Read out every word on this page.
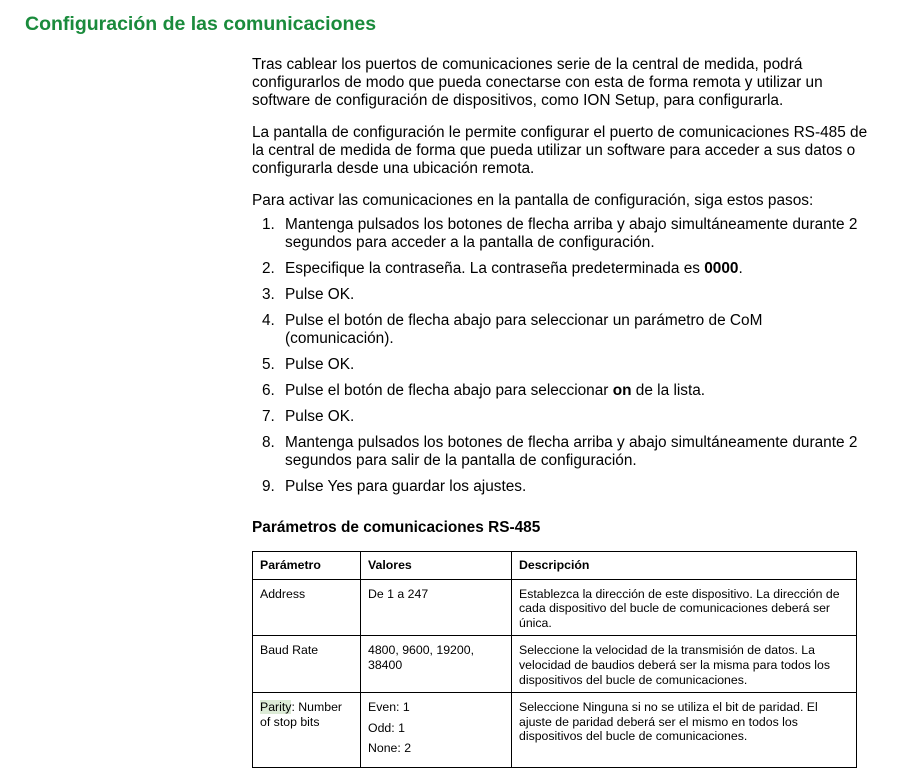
Configuración de las comunicaciones

Tras cablear los puertos de comunicaciones serie de la central de medida, podrá configurarlos de modo que pueda conectarse con esta de forma remota y utilizar un software de configuración de dispositivos, como ION Setup, para configurarla.

La pantalla de configuración le permite configurar el puerto de comunicaciones RS-485 de la central de medida de forma que pueda utilizar un software para acceder a sus datos o configurarla desde una ubicación remota.

Para activar las comunicaciones en la pantalla de configuración, siga estos pasos:

1. Mantenga pulsados los botones de flecha arriba y abajo simultáneamente durante 2 segundos para acceder a la pantalla de configuración.
2. Especifique la contraseña. La contraseña predeterminada es 0000.
3. Pulse OK.
4. Pulse el botón de flecha abajo para seleccionar un parámetro de CoM (comunicación).
5. Pulse OK.
6. Pulse el botón de flecha abajo para seleccionar on de la lista.
7. Pulse OK.
8. Mantenga pulsados los botones de flecha arriba y abajo simultáneamente durante 2 segundos para salir de la pantalla de configuración.
9. Pulse Yes para guardar los ajustes.
Parámetros de comunicaciones RS-485
Parámetro	Valores	Descripción
Address	De 1 a 247	Establezca la dirección de este dispositivo. La dirección de cada dispositivo del bucle de comunicaciones deberá ser única.
Baud Rate	4800, 9600, 19200, 38400	Seleccione la velocidad de la transmisión de datos. La velocidad de baudios deberá ser la misma para todos los dispositivos del bucle de comunicaciones.
Parity: Number of stop bits	Even: 1
Odd: 1
None: 2	Seleccione Ninguna si no se utiliza el bit de paridad. El ajuste de paridad deberá ser el mismo en todos los dispositivos del bucle de comunicaciones.
